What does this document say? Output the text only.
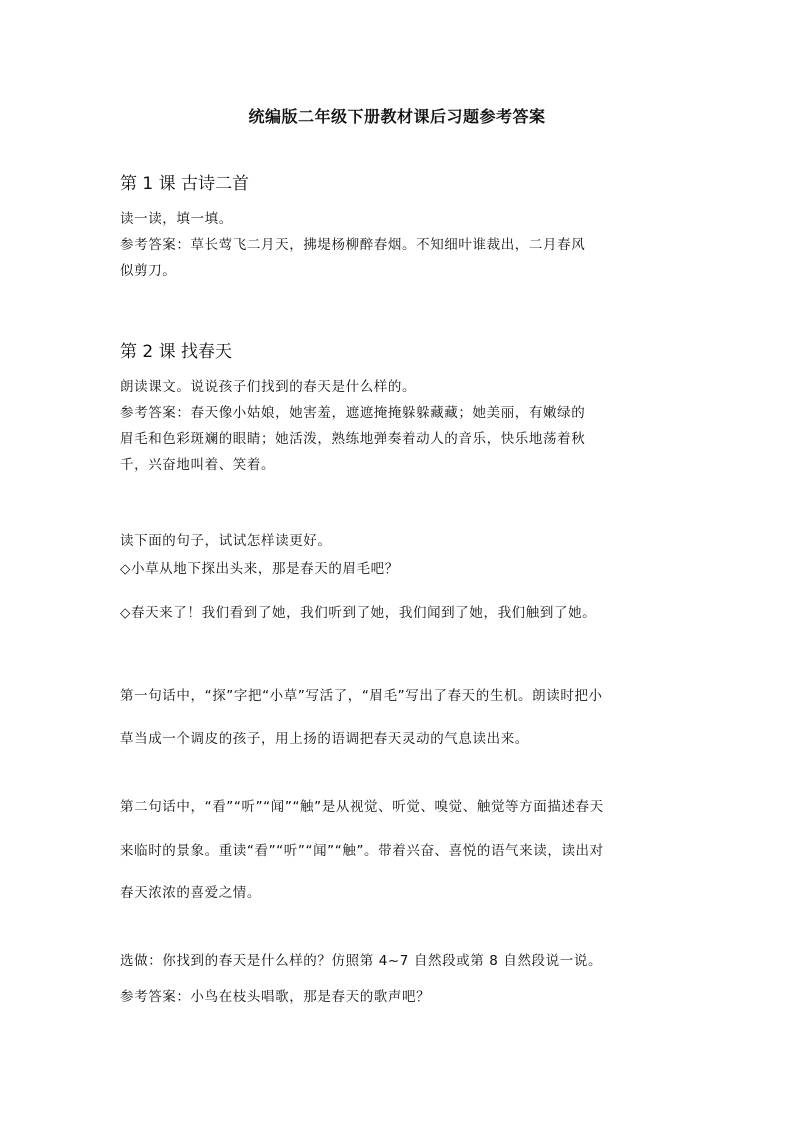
统编版二年级下册教材课后习题参考答案
第 1 课 古诗二首
读一读，填一填。
参考答案：草长莺飞二月天，拂堤杨柳醉春烟。不知细叶谁裁出，二月春风
似剪刀。
第 2 课 找春天
朗读课文。说说孩子们找到的春天是什么样的。
参考答案：春天像小姑娘，她害羞，遮遮掩掩躲躲藏藏；她美丽，有嫩绿的
眉毛和色彩斑斓的眼睛；她活泼，熟练地弹奏着动人的音乐，快乐地荡着秋
千，兴奋地叫着、笑着。
读下面的句子，试试怎样读更好。
◇小草从地下探出头来，那是春天的眉毛吧？
◇春天来了！我们看到了她，我们听到了她，我们闻到了她，我们触到了她。
第一句话中，“探”字把“小草”写活了，“眉毛”写出了春天的生机。朗读时把小
草当成一个调皮的孩子，用上扬的语调把春天灵动的气息读出来。
第二句话中，“看”“听”“闻”“触”是从视觉、听觉、嗅觉、触觉等方面描述春天
来临时的景象。重读“看”“听”“闻”“触”。带着兴奋、喜悦的语气来读，读出对
春天浓浓的喜爱之情。
选做：你找到的春天是什么样的？仿照第 4~7 自然段或第 8 自然段说一说。
参考答案：小鸟在枝头唱歌，那是春天的歌声吧？
